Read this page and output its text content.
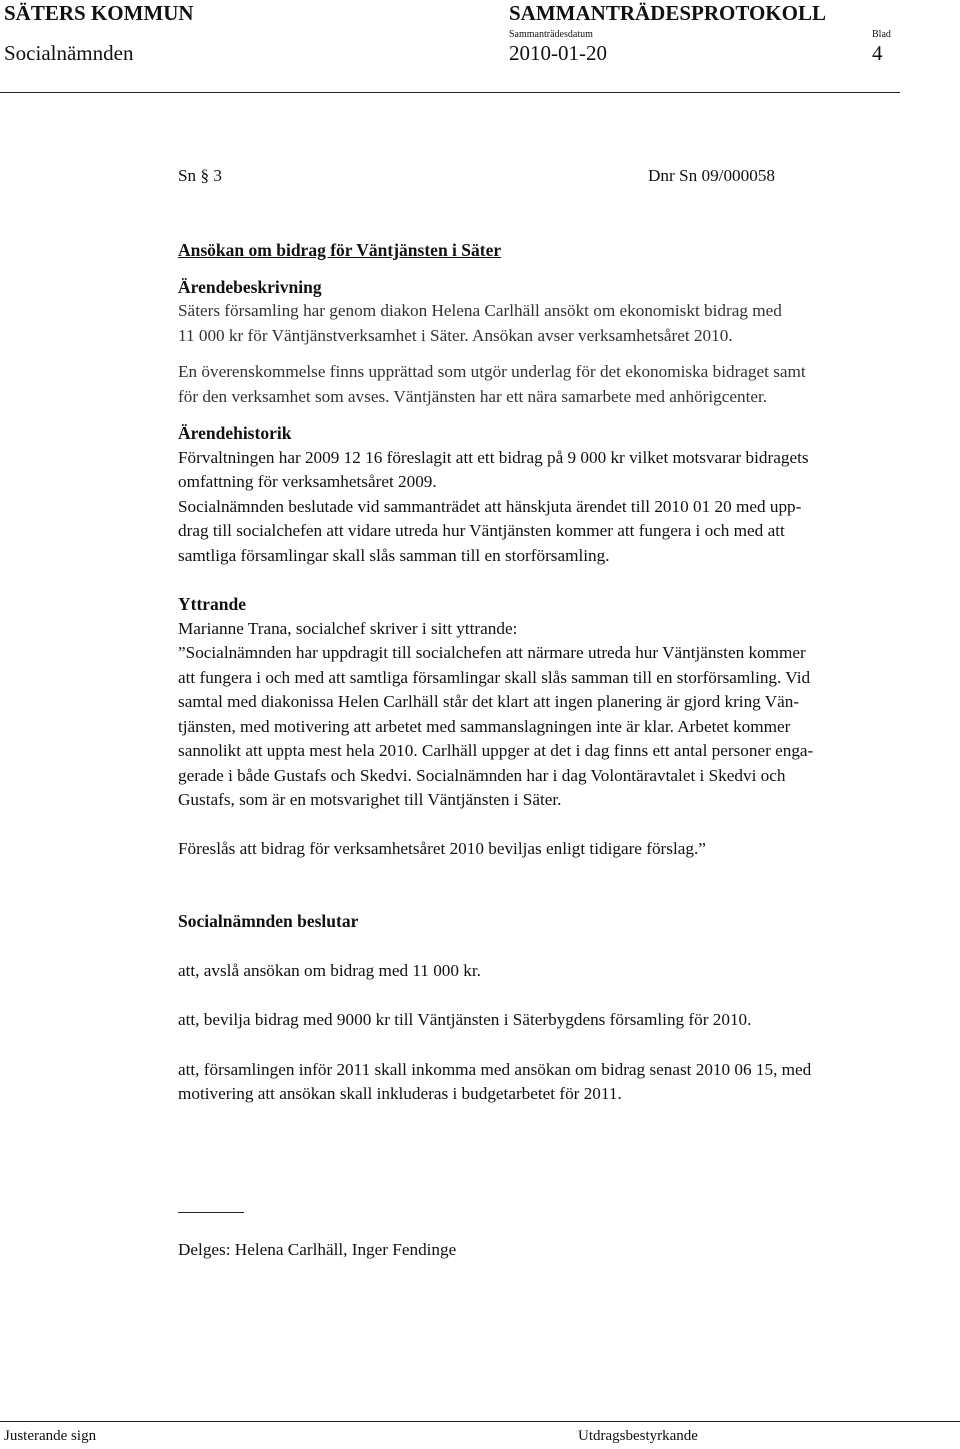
SÄTERS KOMMUN	SAMMANTRÄDESPROTOKOLL
Socialnämnden
Sammanträdesdatum
2010-01-20
Blad
4
Sn § 3	Dnr Sn 09/000058

Ansökan om bidrag för Väntjänsten i Säter

Ärendebeskrivning

Säters församling har genom diakon Helena Carlhäll ansökt om ekonomiskt bidrag med

11 000 kr för Väntjänstverksamhet i Säter. Ansökan avser verksamhetsåret 2010.

En överenskommelse finns upprättad som utgör underlag för det ekonomiska bidraget samt

för den verksamhet som avses. Väntjänsten har ett nära samarbete med anhörigcenter.

Ärendehistorik

Förvaltningen har 2009 12 16 föreslagit att ett bidrag på 9 000 kr vilket motsvarar bidragets

omfattning för verksamhetsåret 2009.

Socialnämnden beslutade vid sammanträdet att hänskjuta ärendet till 2010 01 20 med upp-

drag till socialchefen att vidare utreda hur Väntjänsten kommer att fungera i och med att

samtliga församlingar skall slås samman till en storförsamling.

Yttrande

Marianne Trana, socialchef skriver i sitt yttrande:

”Socialnämnden har uppdragit till socialchefen att närmare utreda hur Väntjänsten kommer

att fungera i och med att samtliga församlingar skall slås samman till en storförsamling. Vid

samtal med diakonissa Helen Carlhäll står det klart att ingen planering är gjord kring Vän-

tjänsten, med motivering att arbetet med sammanslagningen inte är klar. Arbetet kommer

sannolikt att uppta mest hela 2010. Carlhäll uppger at det i dag finns ett antal personer enga-

gerade i både Gustafs och Skedvi. Socialnämnden har i dag Volontäravtalet i Skedvi och

Gustafs, som är en motsvarighet till Väntjänsten i Säter.

Föreslås att bidrag för verksamhetsåret 2010 beviljas enligt tidigare förslag.”

Socialnämnden beslutar

att, avslå ansökan om bidrag med 11 000 kr.

att, bevilja bidrag med 9000 kr till Väntjänsten i Säterbygdens församling för 2010.

att, församlingen inför 2011 skall inkomma med ansökan om bidrag senast 2010 06 15, med

motivering att ansökan skall inkluderas i budgetarbetet för 2011.

Delges: Helena Carlhäll, Inger Fendinge
Justerande sign	Utdragsbestyrkande
